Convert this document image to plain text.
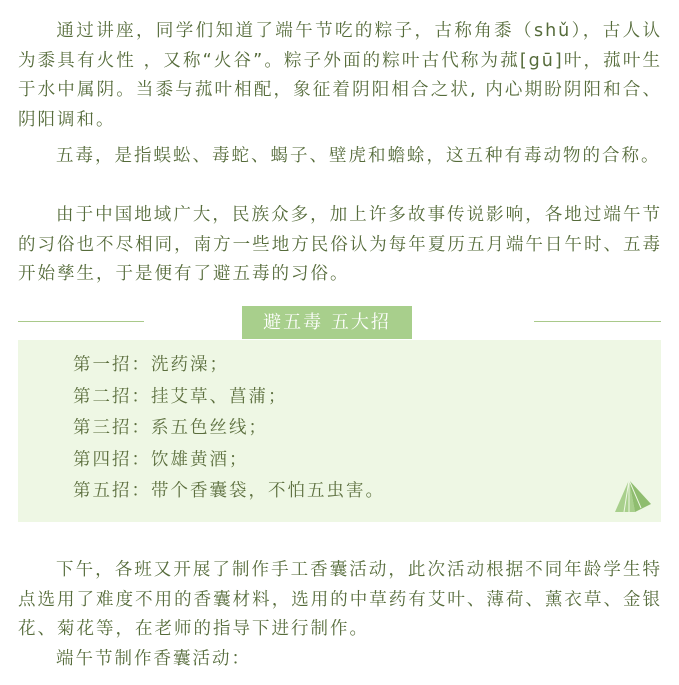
通过讲座，同学们知道了端午节吃的粽子，古称角黍（shǔ），古人认为黍具有火性 ，又称“火谷”。粽子外面的粽叶古代称为菰[gū]叶，菰叶生于水中属阴。当黍与菰叶相配，象征着阴阳相合之状, 内心期盼阴阳和合、阴阳调和。

五毒，是指蜈蚣、毒蛇、蝎子、壁虎和蟾蜍，这五种有毒动物的合称。

由于中国地域广大，民族众多，加上许多故事传说影响，各地过端午节的习俗也不尽相同，南方一些地方民俗认为每年夏历五月端午日午时、五毒开始孳生，于是便有了避五毒的习俗。

第一招：洗药澡；
第二招：挂艾草、菖蒲；
第三招：系五色丝线；
第四招：饮雄黄酒；
第五招：带个香囊袋，不怕五虫害。
避五毒 五大招

下午，各班又开展了制作手工香囊活动，此次活动根据不同年龄学生特点选用了难度不用的香囊材料，选用的中草药有艾叶、薄荷、薰衣草、金银花、菊花等，在老师的指导下进行制作。

端午节制作香囊活动：
